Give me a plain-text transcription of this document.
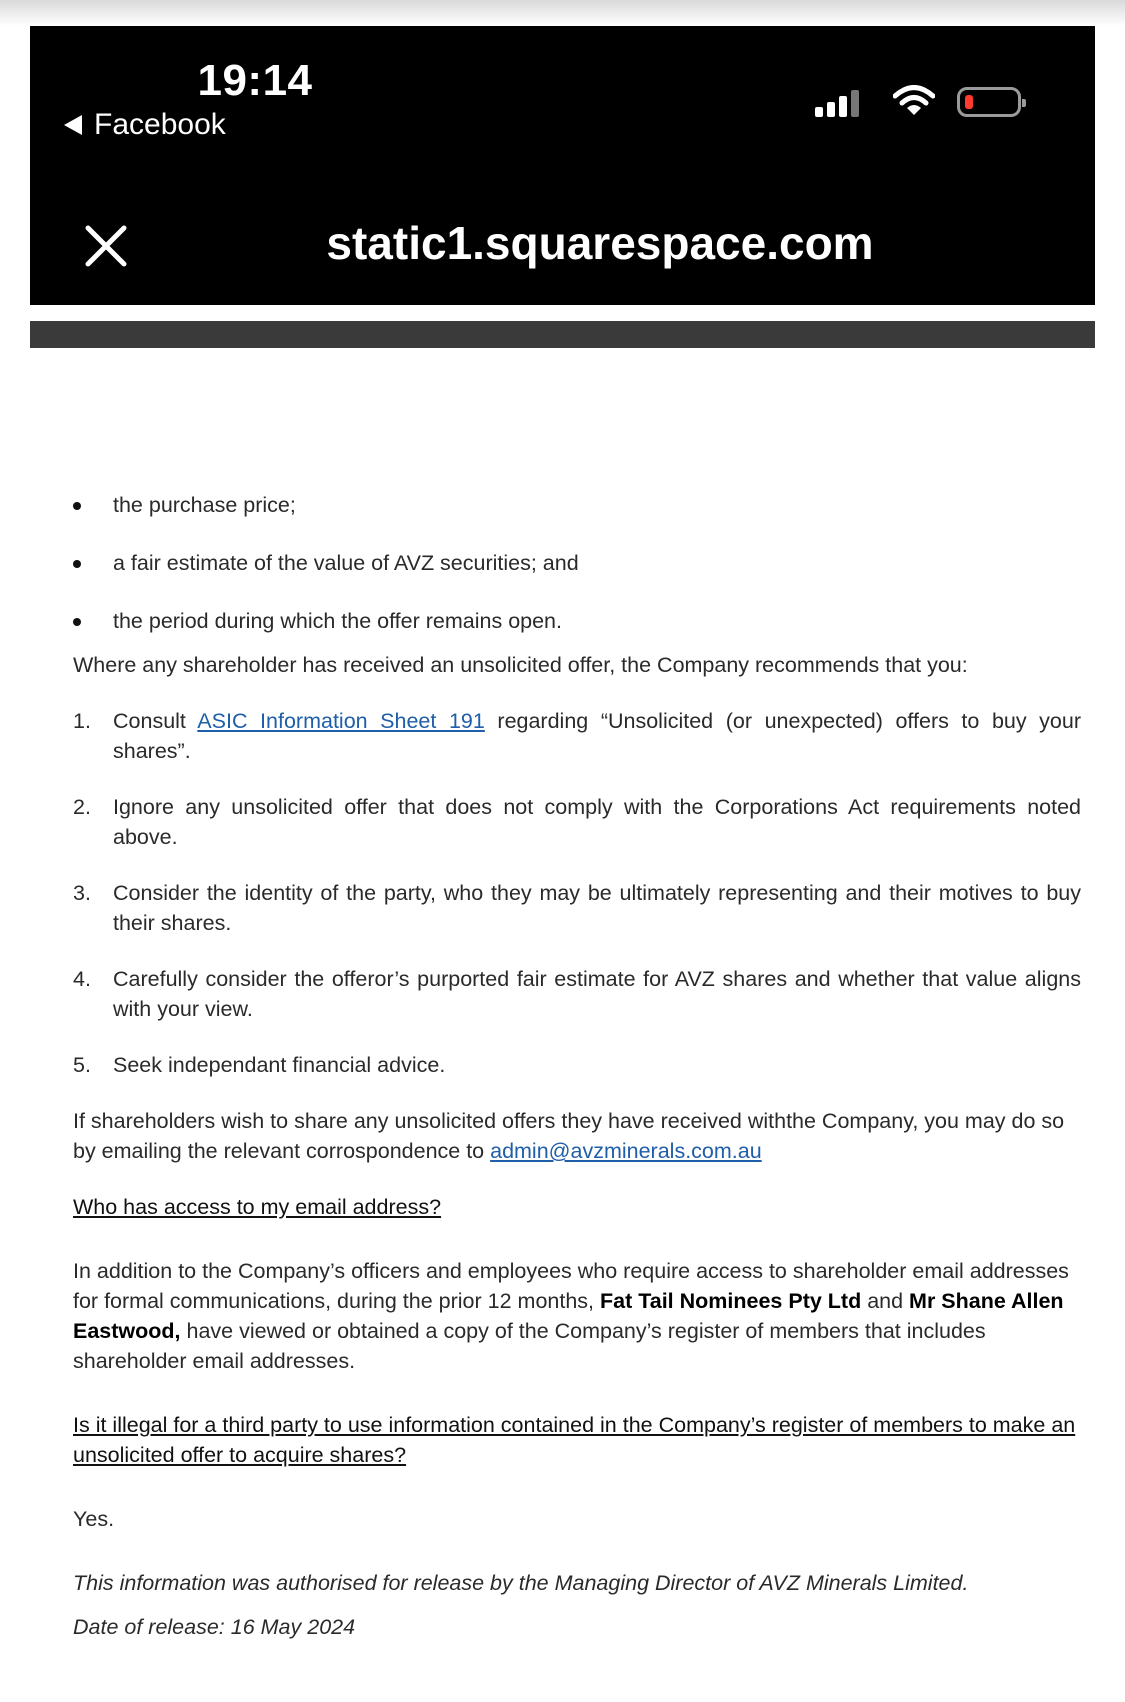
19:14
Facebook
static1.squarespace.com
the purchase price;
a fair estimate of the value of AVZ securities; and
the period during which the offer remains open.

Where any shareholder has received an unsolicited offer, the Company recommends that you:

1.	Consult ASIC Information Sheet 191 regarding “Unsolicited (or unexpected) offers to buy your shares”.
2.	Ignore any unsolicited offer that does not comply with the Corporations Act requirements noted above.
3.	Consider the identity of the party, who they may be ultimately representing and their motives to buy their shares.
4.	Carefully consider the offeror’s purported fair estimate for AVZ shares and whether that value aligns with your view.
5.	Seek independant financial advice.

If shareholders wish to share any unsolicited offers they have received withthe Company, you may do so by emailing the relevant corrospondence to admin@avzminerals.com.au

Who has access to my email address?

In addition to the Company’s officers and employees who require access to shareholder email addresses for formal communications, during the prior 12 months, Fat Tail Nominees Pty Ltd and Mr Shane Allen Eastwood, have viewed or obtained a copy of the Company’s register of members that includes shareholder email addresses.

Is it illegal for a third party to use information contained in the Company’s register of members to make an unsolicited offer to acquire shares?

Yes.

This information was authorised for release by the Managing Director of AVZ Minerals Limited.

Date of release: 16 May 2024
